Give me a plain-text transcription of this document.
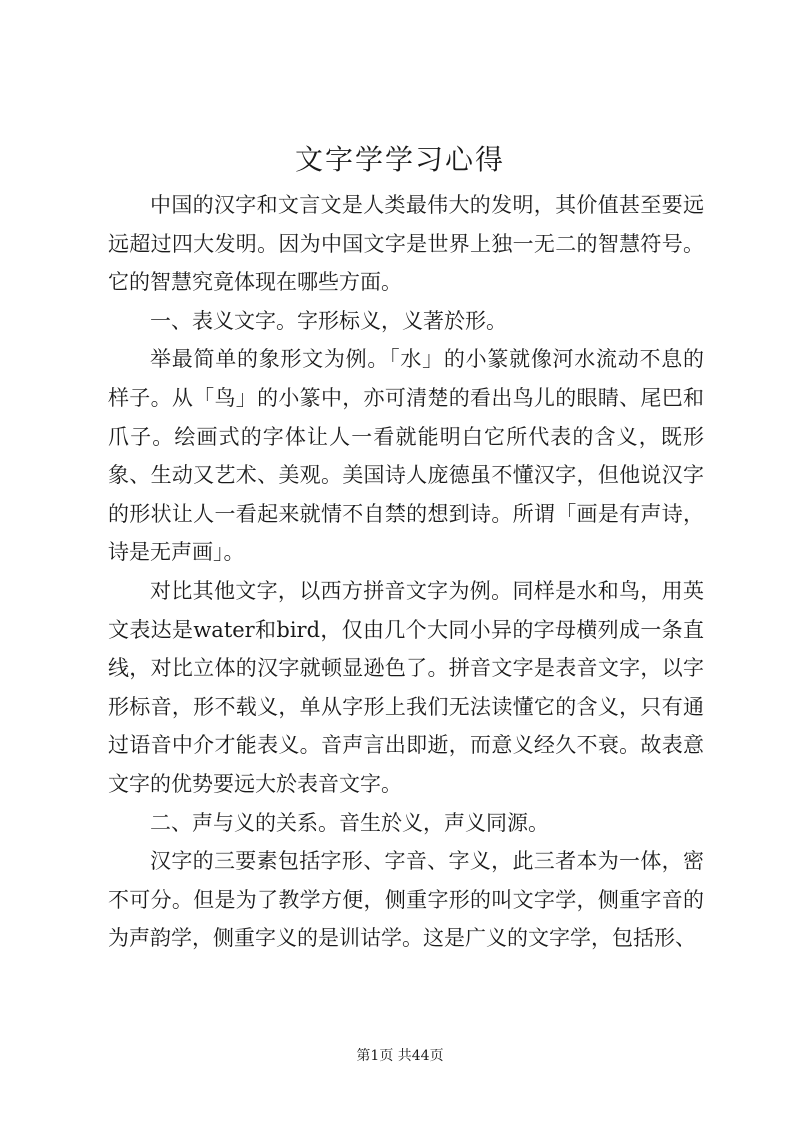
文字学学习心得

中国的汉字和文言文是人类最伟大的发明，其价值甚至要远远超过四大发明。因为中国文字是世界上独一无二的智慧符号。它的智慧究竟体现在哪些方面。

一、表义文字。字形标义，义著於形。

举最简单的象形文为例。「水」的小篆就像河水流动不息的样子。从「鸟」的小篆中，亦可清楚的看出鸟儿的眼睛、尾巴和爪子。绘画式的字体让人一看就能明白它所代表的含义，既形象、生动又艺术、美观。美国诗人庞德虽不懂汉字，但他说汉字的形状让人一看起来就情不自禁的想到诗。所谓「画是有声诗，诗是无声画」。

对比其他文字，以西方拼音文字为例。同样是水和鸟，用英文表达是water和bird，仅由几个大同小异的字母横列成一条直线，对比立体的汉字就顿显逊色了。拼音文字是表音文字，以字形标音，形不载义，单从字形上我们无法读懂它的含义，只有通过语音中介才能表义。音声言出即逝，而意义经久不衰。故表意文字的优势要远大於表音文字。

二、声与义的关系。音生於义，声义同源。

汉字的三要素包括字形、字音、字义，此三者本为一体，密不可分。但是为了教学方便，侧重字形的叫文字学，侧重字音的为声韵学，侧重字义的是训诂学。这是广义的文字学，包括形、

第1页 共44页
